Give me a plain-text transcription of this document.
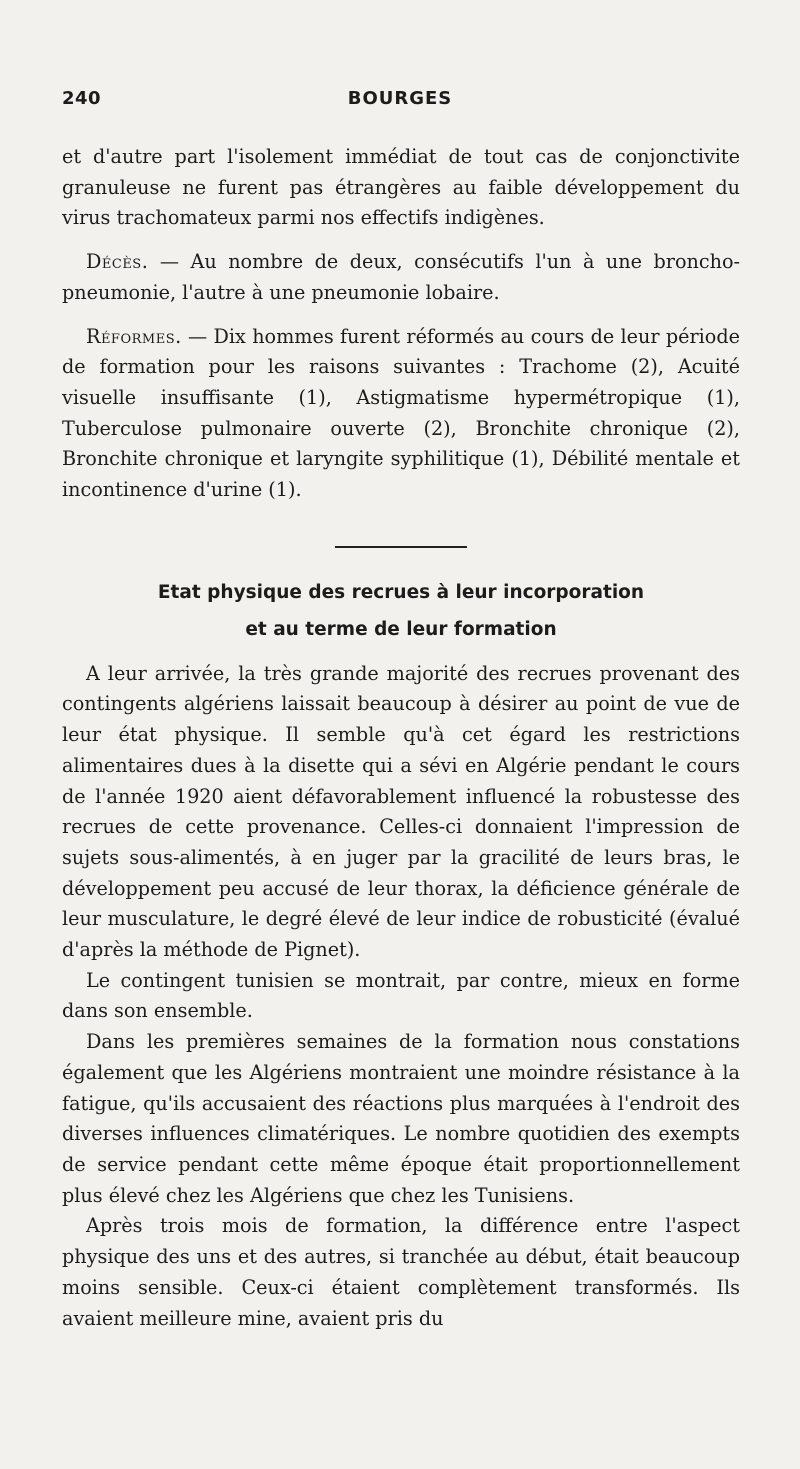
240	BOURGES

et d'autre part l'isolement immédiat de tout cas de conjonctivite granuleuse ne furent pas étrangères au faible développement du virus trachomateux parmi nos effectifs indigènes.

Décès. — Au nombre de deux, consécutifs l'un à une broncho-pneumonie, l'autre à une pneumonie lobaire.

Réformes. — Dix hommes furent réformés au cours de leur période de formation pour les raisons suivantes : Trachome (2), Acuité visuelle insuffisante (1), Astigmatisme hypermétropique (1), Tuberculose pulmonaire ouverte (2), Bronchite chronique (2), Bronchite chronique et laryngite syphilitique (1), Débilité mentale et incontinence d'urine (1).

Etat physique des recrues à leur incorporation
et au terme de leur formation

A leur arrivée, la très grande majorité des recrues provenant des contingents algériens laissait beaucoup à désirer au point de vue de leur état physique. Il semble qu'à cet égard les restrictions alimentaires dues à la disette qui a sévi en Algérie pendant le cours de l'année 1920 aient défavorablement influencé la robustesse des recrues de cette provenance. Celles-ci donnaient l'impression de sujets sous-alimentés, à en juger par la gracilité de leurs bras, le développement peu accusé de leur thorax, la déficience générale de leur musculature, le degré élevé de leur indice de robusticité (évalué d'après la méthode de Pignet).

Le contingent tunisien se montrait, par contre, mieux en forme dans son ensemble.

Dans les premières semaines de la formation nous constations également que les Algériens montraient une moindre résistance à la fatigue, qu'ils accusaient des réactions plus marquées à l'endroit des diverses influences climatériques. Le nombre quotidien des exempts de service pendant cette même époque était proportionnellement plus élevé chez les Algériens que chez les Tunisiens.

Après trois mois de formation, la différence entre l'aspect physique des uns et des autres, si tranchée au début, était beaucoup moins sensible. Ceux-ci étaient complètement transformés. Ils avaient meilleure mine, avaient pris du
